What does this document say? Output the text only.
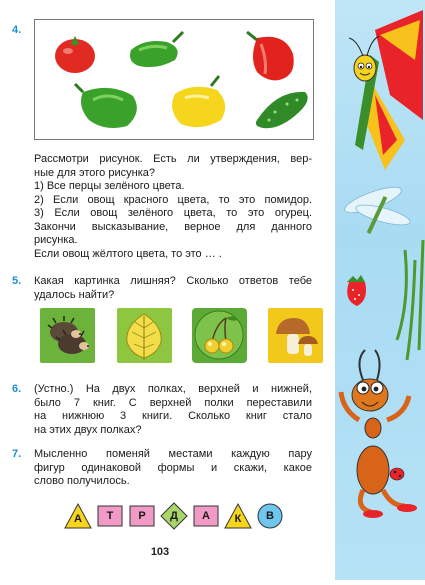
4.
Рассмотри рисунок. Есть ли утверждения, вер-
ные для этого рисунка?
1) Все перцы зелёного цвета.
2) Если овощ красного цвета, то это помидор.
3) Если овощ зелёного цвета, то это огурец.
Закончи высказывание, верное для данного
рисунка.
Если овощ жёлтого цвета, то это … .
5. Какая картинка лишняя? Сколько ответов тебе
удалось найти?
6. (Устно.) На двух полках, верхней и нижней,
было 7 книг. С верхней полки переставили
на нижнюю 3 книги. Сколько книг стало
на этих двух полках?
7. Мысленно поменяй местами каждую пару
фигур одинаковой формы и скажи, какое
слово получилось.
А	Т	Р	Д	А	К	В
103
